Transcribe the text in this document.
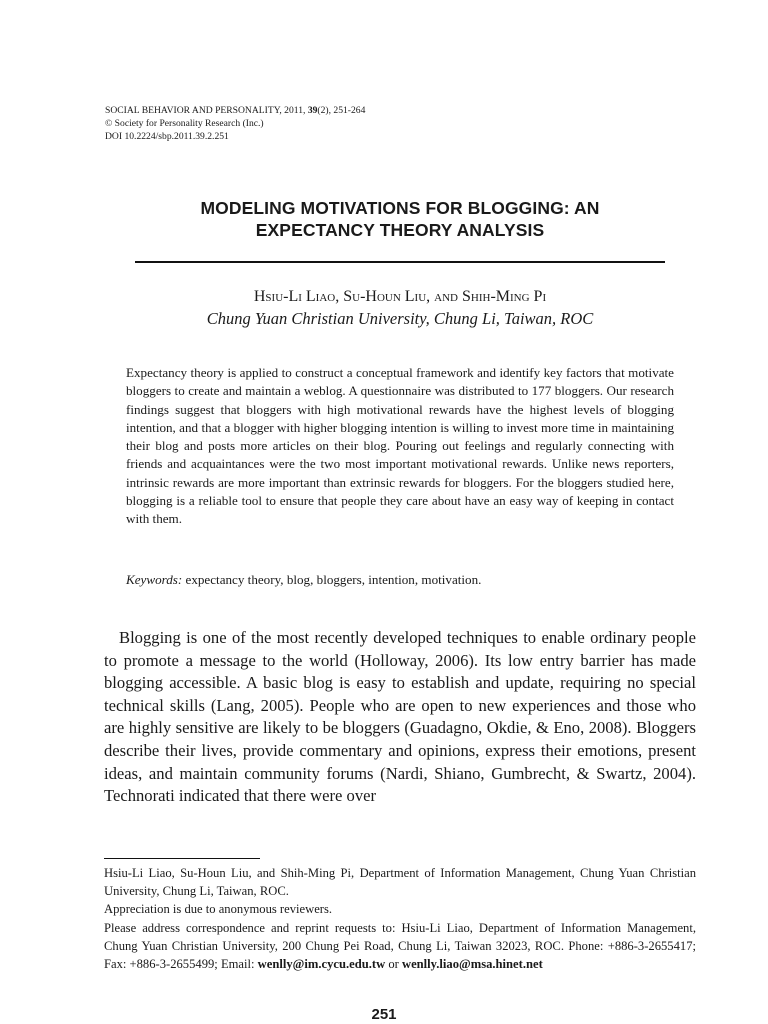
SOCIAL BEHAVIOR AND PERSONALITY, 2011, 39(2), 251-264
© Society for Personality Research (Inc.)
DOI 10.2224/sbp.2011.39.2.251
MODELING MOTIVATIONS FOR BLOGGING: AN
EXPECTANCY THEORY ANALYSIS
Hsiu-Li Liao, Su-Houn Liu, and Shih-Ming Pi
Chung Yuan Christian University, Chung Li, Taiwan, ROC

Expectancy theory is applied to construct a conceptual framework and identify key factors that motivate bloggers to create and maintain a weblog. A questionnaire was distributed to 177 bloggers. Our research findings suggest that bloggers with high motivational rewards have the highest levels of blogging intention, and that a blogger with higher blogging intention is willing to invest more time in maintaining their blog and posts more articles on their blog. Pouring out feelings and regularly connecting with friends and acquaintances were the two most important motivational rewards. Unlike news reporters, intrinsic rewards are more important than extrinsic rewards for bloggers. For the bloggers studied here, blogging is a reliable tool to ensure that people they care about have an easy way of keeping in contact with them.

Keywords: expectancy theory, blog, bloggers, intention, motivation.

Blogging is one of the most recently developed techniques to enable ordinary people to promote a message to the world (Holloway, 2006). Its low entry barrier has made blogging accessible. A basic blog is easy to establish and update, requiring no special technical skills (Lang, 2005). People who are open to new experiences and those who are highly sensitive are likely to be bloggers (Guadagno, Okdie, & Eno, 2008). Bloggers describe their lives, provide commentary and opinions, express their emotions, present ideas, and maintain community forums (Nardi, Shiano, Gumbrecht, & Swartz, 2004). Technorati indicated that there were over

Hsiu-Li Liao, Su-Houn Liu, and Shih-Ming Pi, Department of Information Management, Chung Yuan Christian University, Chung Li, Taiwan, ROC.

Appreciation is due to anonymous reviewers.

Please address correspondence and reprint requests to: Hsiu-Li Liao, Department of Information Management, Chung Yuan Christian University, 200 Chung Pei Road, Chung Li, Taiwan 32023, ROC. Phone: +886-3-2655417; Fax: +886-3-2655499; Email: wenlly@im.cycu.edu.tw or wenlly.liao@msa.hinet.net

251
